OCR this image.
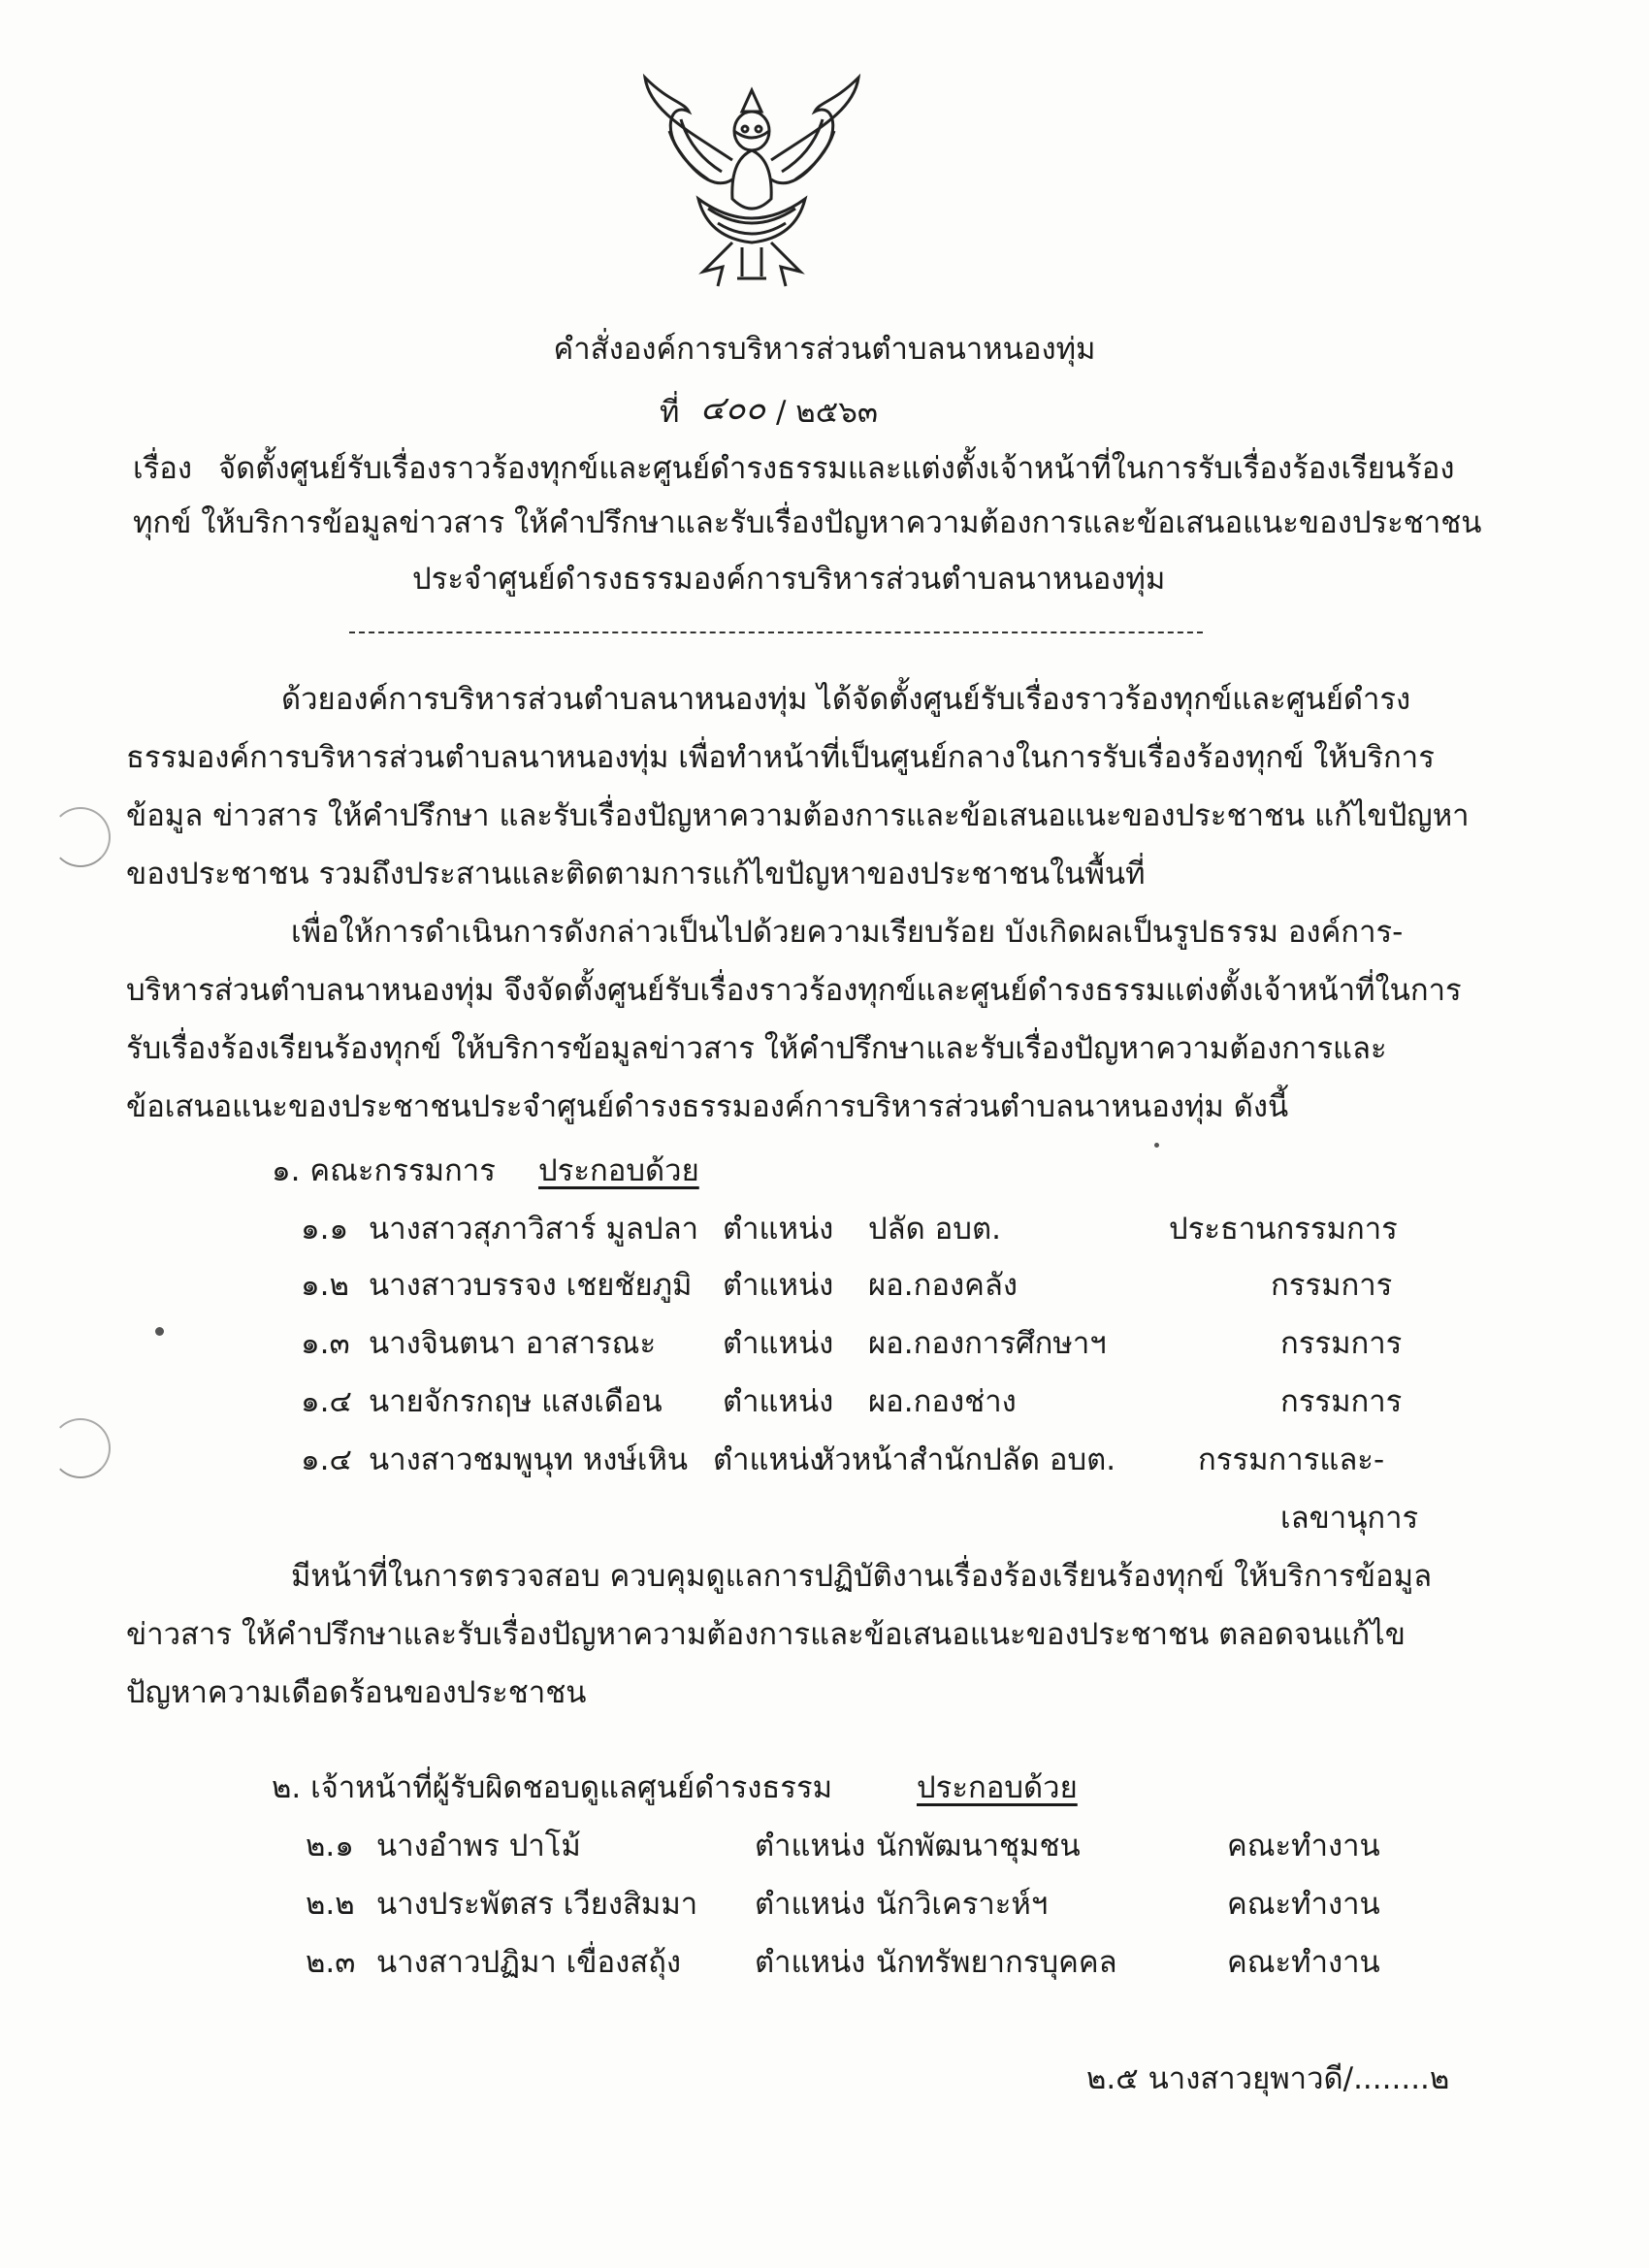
คำสั่งองค์การบริหารส่วนตำบลนาหนองทุ่ม
ที่ ๔๐๐ / ๒๕๖๓
เรื่อง จัดตั้งศูนย์รับเรื่องราวร้องทุกข์และศูนย์ดำรงธรรมและแต่งตั้งเจ้าหน้าที่ในการรับเรื่องร้องเรียนร้อง
ทุกข์ ให้บริการข้อมูลข่าวสาร ให้คำปรึกษาและรับเรื่องปัญหาความต้องการและข้อเสนอแนะของประชาชน
ประจำศูนย์ดำรงธรรมองค์การบริหารส่วนตำบลนาหนองทุ่ม
ด้วยองค์การบริหารส่วนตำบลนาหนองทุ่ม ได้จัดตั้งศูนย์รับเรื่องราวร้องทุกข์และศูนย์ดำรง
ธรรมองค์การบริหารส่วนตำบลนาหนองทุ่ม เพื่อทำหน้าที่เป็นศูนย์กลางในการรับเรื่องร้องทุกข์ ให้บริการ
ข้อมูล ข่าวสาร ให้คำปรึกษา และรับเรื่องปัญหาความต้องการและข้อเสนอแนะของประชาชน แก้ไขปัญหา
ของประชาชน รวมถึงประสานและติดตามการแก้ไขปัญหาของประชาชนในพื้นที่
เพื่อให้การดำเนินการดังกล่าวเป็นไปด้วยความเรียบร้อย บังเกิดผลเป็นรูปธรรม องค์การ-
บริหารส่วนตำบลนาหนองทุ่ม จึงจัดตั้งศูนย์รับเรื่องราวร้องทุกข์และศูนย์ดำรงธรรมแต่งตั้งเจ้าหน้าที่ในการ
รับเรื่องร้องเรียนร้องทุกข์ ให้บริการข้อมูลข่าวสาร ให้คำปรึกษาและรับเรื่องปัญหาความต้องการและ
ข้อเสนอแนะของประชาชนประจำศูนย์ดำรงธรรมองค์การบริหารส่วนตำบลนาหนองทุ่ม ดังนี้
๑. คณะกรรมการ ประกอบด้วย
๑.๑ นางสาวสุภาวิสาร์ มูลปลา ตำแหน่ง ปลัด อบต.	ประธานกรรมการ
๑.๒ นางสาวบรรจง เชยชัยภูมิ ตำแหน่ง ผอ.กองคลัง	กรรมการ
๑.๓ นางจินตนา อาสารณะ ตำแหน่ง ผอ.กองการศึกษาฯ	กรรมการ
๑.๔ นายจักรกฤษ แสงเดือน ตำแหน่ง ผอ.กองช่าง	กรรมการ
๑.๔ นางสาวชมพูนุท หงษ์เหิน ตำแหน่ง
หัวหน้าสำนักปลัด อบต.	กรรมการและ-
เลขานุการ
มีหน้าที่ในการตรวจสอบ ควบคุมดูแลการปฏิบัติงานเรื่องร้องเรียนร้องทุกข์ ให้บริการข้อมูล
ข่าวสาร ให้คำปรึกษาและรับเรื่องปัญหาความต้องการและข้อเสนอแนะของประชาชน ตลอดจนแก้ไข
ปัญหาความเดือดร้อนของประชาชน
๒. เจ้าหน้าที่ผู้รับผิดชอบดูแลศูนย์ดำรงธรรม	ประกอบด้วย
๒.๑ นางอำพร ปาโม้	ตำแหน่ง นักพัฒนาชุมชน	คณะทำงาน
๒.๒ นางประพัตสร เวียงสิมมา ตำแหน่ง นักวิเคราะห์ฯ	คณะทำงาน
๒.๓ นางสาวปฏิมา เขื่องสถุ้ง ตำแหน่ง นักทรัพยากรบุคคล	คณะทำงาน
๒.๕ นางสาวยุพาวดี/........๒
